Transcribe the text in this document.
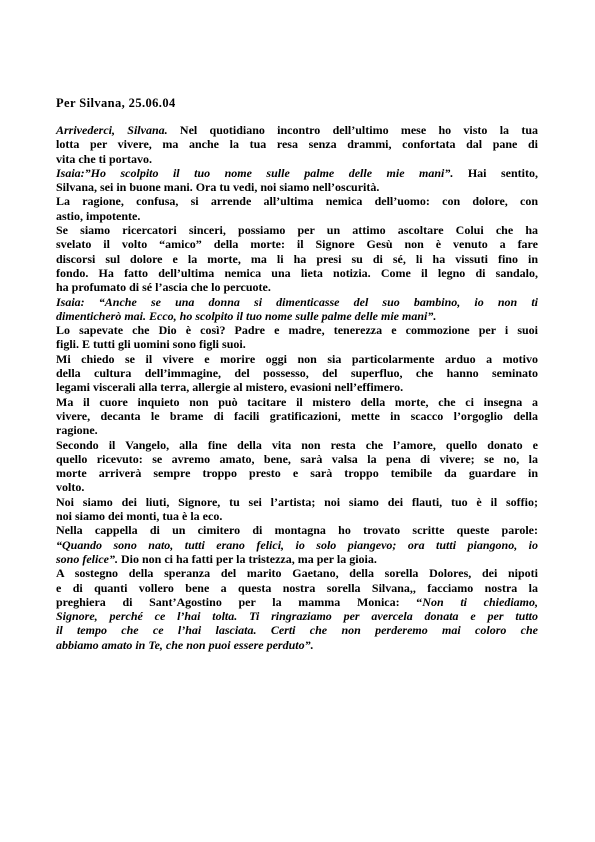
Per Silvana, 25.06.04
Arrivederci, Silvana. Nel quotidiano incontro dell’ultimo mese ho visto la tua
lotta per vivere, ma anche la tua resa senza drammi, confortata dal pane di
vita che ti portavo.
Isaia:”Ho scolpito il tuo nome sulle palme delle mie mani”. Hai sentito,
Silvana, sei in buone mani. Ora tu vedi, noi siamo nell’oscurità.
La ragione, confusa, si arrende all’ultima nemica dell’uomo: con dolore, con
astio, impotente.
Se siamo ricercatori sinceri, possiamo per un attimo ascoltare Colui che ha
svelato il volto “amico” della morte: il Signore Gesù non è venuto a fare
discorsi sul dolore e la morte, ma li ha presi su di sé, li ha vissuti fino in
fondo. Ha fatto dell’ultima nemica una lieta notizia. Come il legno di sandalo,
ha profumato di sé l’ascia che lo percuote.
Isaia: “Anche se una donna si dimenticasse del suo bambino, io non ti
dimenticherò mai. Ecco, ho scolpito il tuo nome sulle palme delle mie mani”.
Lo sapevate che Dio è così? Padre e madre, tenerezza e commozione per i suoi
figli. E tutti gli uomini sono figli suoi.
Mi chiedo se il vivere e morire oggi non sia particolarmente arduo a motivo
della cultura dell’immagine, del possesso, del superfluo, che hanno seminato
legami viscerali alla terra, allergie al mistero, evasioni nell’effimero.
Ma il cuore inquieto non può tacitare il mistero della morte, che ci insegna a
vivere, decanta le brame di facili gratificazioni, mette in scacco l’orgoglio della
ragione.
Secondo il Vangelo, alla fine della vita non resta che l’amore, quello donato e
quello ricevuto: se avremo amato, bene, sarà valsa la pena di vivere; se no, la
morte arriverà sempre troppo presto e sarà troppo temibile da guardare in
volto.
Noi siamo dei liuti, Signore, tu sei l’artista; noi siamo dei flauti, tuo è il soffio;
noi siamo dei monti, tua è la eco.
Nella cappella di un cimitero di montagna ho trovato scritte queste parole:
“Quando sono nato, tutti erano felici, io solo piangevo; ora tutti piangono, io
sono felice”. Dio non ci ha fatti per la tristezza, ma per la gioia.
A sostegno della speranza del marito Gaetano, della sorella Dolores, dei nipoti
e di quanti vollero bene a questa nostra sorella Silvana,, facciamo nostra la
preghiera di Sant’Agostino per la mamma Monica: “Non ti chiediamo,
Signore, perché ce l’hai tolta. Ti ringraziamo per avercela donata e per tutto
il tempo che ce l’hai lasciata. Certi che non perderemo mai coloro che
abbiamo amato in Te, che non puoi essere perduto”.
